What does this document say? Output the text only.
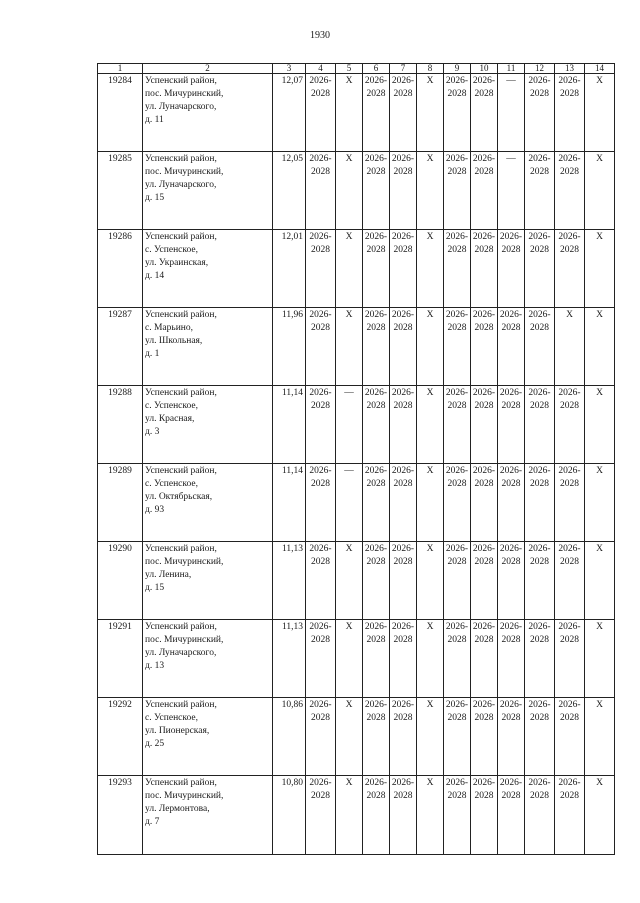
1930
1	2	3	4	5	6	7	8	9	10	11	12	13	14
19284	Успенский район,
пос. Мичуринский,
ул. Луначарского,
д. 11	12,07	2026-
2028	Х	2026-
2028	2026-
2028	Х	2026-
2028	2026-
2028	—	2026-
2028	2026-
2028	Х

19285	Успенский район,
пос. Мичуринский,
ул. Луначарского,
д. 15	12,05	2026-
2028	Х	2026-
2028	2026-
2028	Х	2026-
2028	2026-
2028	—	2026-
2028	2026-
2028	Х

19286	Успенский район,
с. Успенское,
ул. Украинская,
д. 14	12,01	2026-
2028	Х	2026-
2028	2026-
2028	Х	2026-
2028	2026-
2028	2026-
2028	2026-
2028	2026-
2028	Х

19287	Успенский район,
с. Марьино,
ул. Школьная,
д. 1	11,96	2026-
2028	Х	2026-
2028	2026-
2028	Х	2026-
2028	2026-
2028	2026-
2028	2026-
2028	Х	Х

19288	Успенский район,
с. Успенское,
ул. Красная,
д. 3	11,14	2026-
2028	—	2026-
2028	2026-
2028	Х	2026-
2028	2026-
2028	2026-
2028	2026-
2028	2026-
2028	Х

19289	Успенский район,
с. Успенское,
ул. Октябрьская,
д. 93	11,14	2026-
2028	—	2026-
2028	2026-
2028	Х	2026-
2028	2026-
2028	2026-
2028	2026-
2028	2026-
2028	Х

19290	Успенский район,
пос. Мичуринский,
ул. Ленина,
д. 15	11,13	2026-
2028	Х	2026-
2028	2026-
2028	Х	2026-
2028	2026-
2028	2026-
2028	2026-
2028	2026-
2028	Х

19291	Успенский район,
пос. Мичуринский,
ул. Луначарского,
д. 13	11,13	2026-
2028	Х	2026-
2028	2026-
2028	Х	2026-
2028	2026-
2028	2026-
2028	2026-
2028	2026-
2028	Х

19292	Успенский район,
с. Успенское,
ул. Пионерская,
д. 25	10,86	2026-
2028	Х	2026-
2028	2026-
2028	Х	2026-
2028	2026-
2028	2026-
2028	2026-
2028	2026-
2028	Х

19293	Успенский район,
пос. Мичуринский,
ул. Лермонтова,
д. 7	10,80	2026-
2028	Х	2026-
2028	2026-
2028	Х	2026-
2028	2026-
2028	2026-
2028	2026-
2028	2026-
2028	Х
